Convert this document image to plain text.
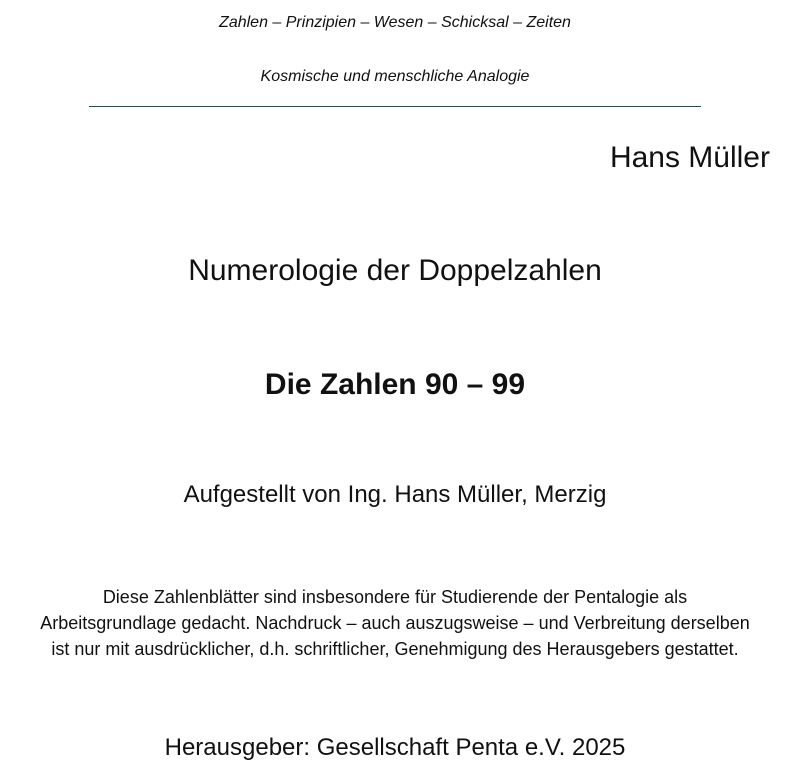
Zahlen – Prinzipien – Wesen – Schicksal – Zeiten
Kosmische und menschliche Analogie
Hans Müller
Numerologie der Doppelzahlen
Die Zahlen 90 – 99
Aufgestellt von Ing. Hans Müller, Merzig
Diese Zahlenblätter sind insbesondere für Studierende der Pentalogie als
Arbeitsgrundlage gedacht. Nachdruck – auch auszugsweise – und Verbreitung derselben
ist nur mit ausdrücklicher, d.h. schriftlicher, Genehmigung des Herausgebers gestattet.
Herausgeber: Gesellschaft Penta e.V. 2025
